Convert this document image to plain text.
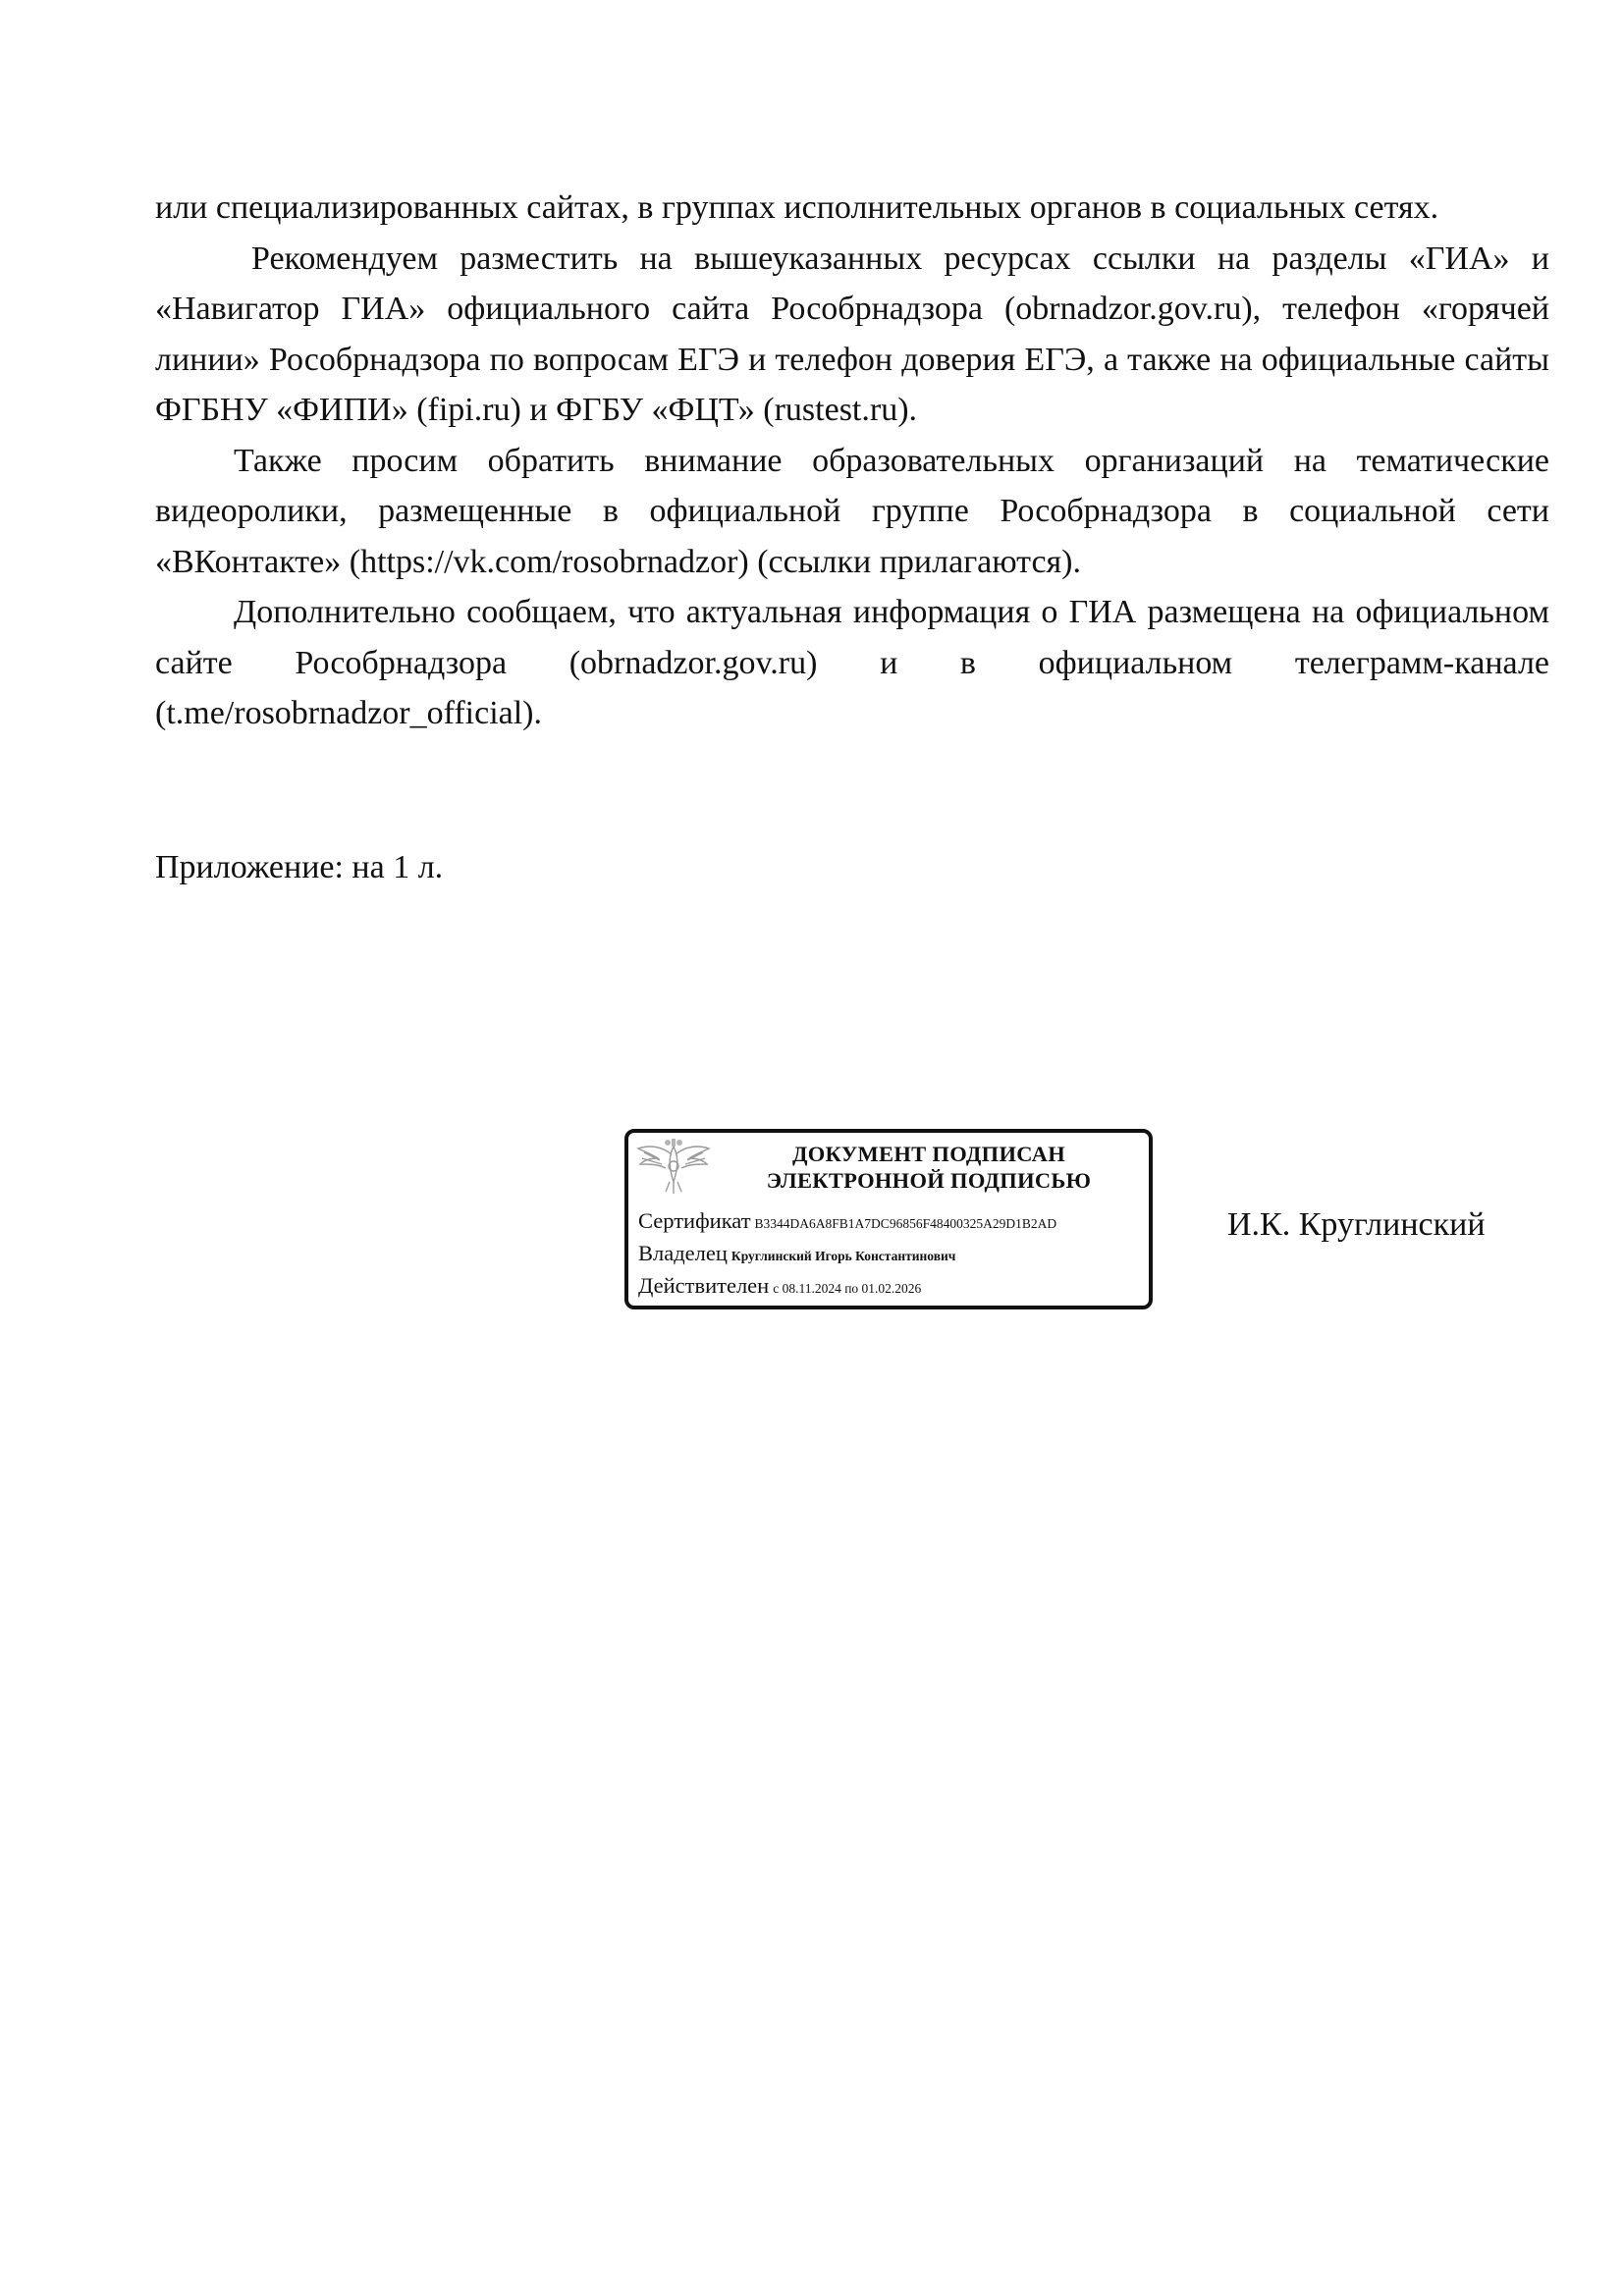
или специализированных сайтах, в группах исполнительных органов в социальных сетях.

Рекомендуем разместить на вышеуказанных ресурсах ссылки на разделы «ГИА» и «Навигатор ГИА» официального сайта Рособрнадзора (obrnadzor.gov.ru), телефон «горячей линии» Рособрнадзора по вопросам ЕГЭ и телефон доверия ЕГЭ, а также на официальные сайты ФГБНУ «ФИПИ» (fipi.ru) и ФГБУ «ФЦТ» (rustest.ru).

Также просим обратить внимание образовательных организаций на тематические видеоролики, размещенные в официальной группе Рособрнадзора в социальной сети «ВКонтакте» (https://vk.com/rosobrnadzor) (ссылки прилагаются).

Дополнительно сообщаем, что актуальная информация о ГИА размещена на официальном сайте Рособрнадзора (obrnadzor.gov.ru) и в официальном телеграмм-канале (t.me/rosobrnadzor_official).

Приложение: на 1 л.

ДОКУМЕНТ ПОДПИСАН
ЭЛЕКТРОННОЙ ПОДПИСЬЮ
Сертификат B3344DA6A8FB1A7DC96856F48400325A29D1B2AD
Владелец Круглинский Игорь Константинович
Действителен с 08.11.2024 по 01.02.2026
И.К. Круглинский
